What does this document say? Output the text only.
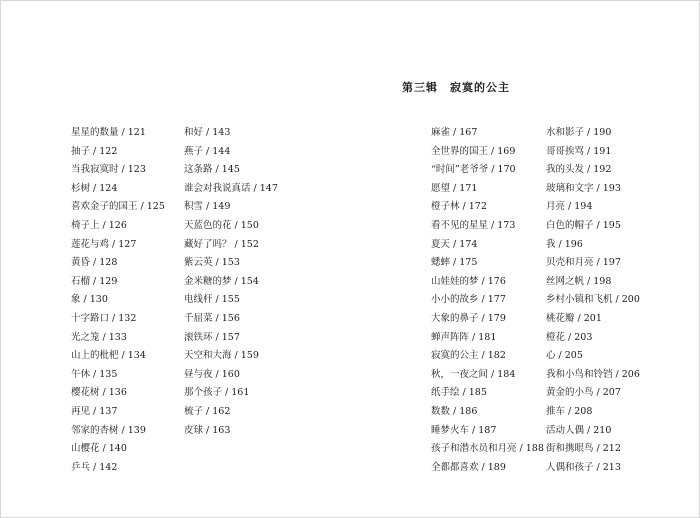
第三辑　寂寞的公主
星星的数量 / 121
抽子 / 122
当我寂寞时 / 123
杉树 / 124
喜欢金子的国王 / 125
椅子上 / 126
莲花与鸡 / 127
黄昏 / 128
石榴 / 129
象 / 130
十字路口 / 132
光之笼 / 133
山上的枇杷 / 134
午休 / 135
樱花树 / 136
再见 / 137
邻家的杏树 / 139
山樱花 / 140
乒乓 / 142
和好 / 143
燕子 / 144
这条路 / 145
谁会对我说真话 / 147
积雪 / 149
天蓝色的花 / 150
藏好了吗？ / 152
紫云英 / 153
金米糖的梦 / 154
电线杆 / 155
千屈菜 / 156
滚铁环 / 157
天空和大海 / 159
昼与夜 / 160
那个孩子 / 161
梳子 / 162
皮球 / 163
麻雀 / 167
全世界的国王 / 169
“时间”老爷爷 / 170
愿望 / 171
橙子林 / 172
看不见的星星 / 173
夏天 / 174
蟋蟀 / 175
山娃娃的梦 / 176
小小的故乡 / 177
大象的鼻子 / 179
蝉声阵阵 / 181
寂寞的公主 / 182
秋，一夜之间 / 184
纸手绘 / 185
数数 / 186
睡梦火车 / 187
孩子和潜水员和月亮 / 188
全都都喜欢 / 189
水和影子 / 190
哥哥挨骂 / 191
我的头发 / 192
玻璃和文字 / 193
月亮 / 194
白色的帽子 / 195
我 / 196
贝壳和月亮 / 197
丝网之帆 / 198
乡村小镇和飞机 / 200
桃花瓣 / 201
橙花 / 203
心 / 205
我和小鸟和铃铛 / 206
黄金的小鸟 / 207
推车 / 208
活动人偶 / 210
街和携眼鸟 / 212
人偶和孩子 / 213
